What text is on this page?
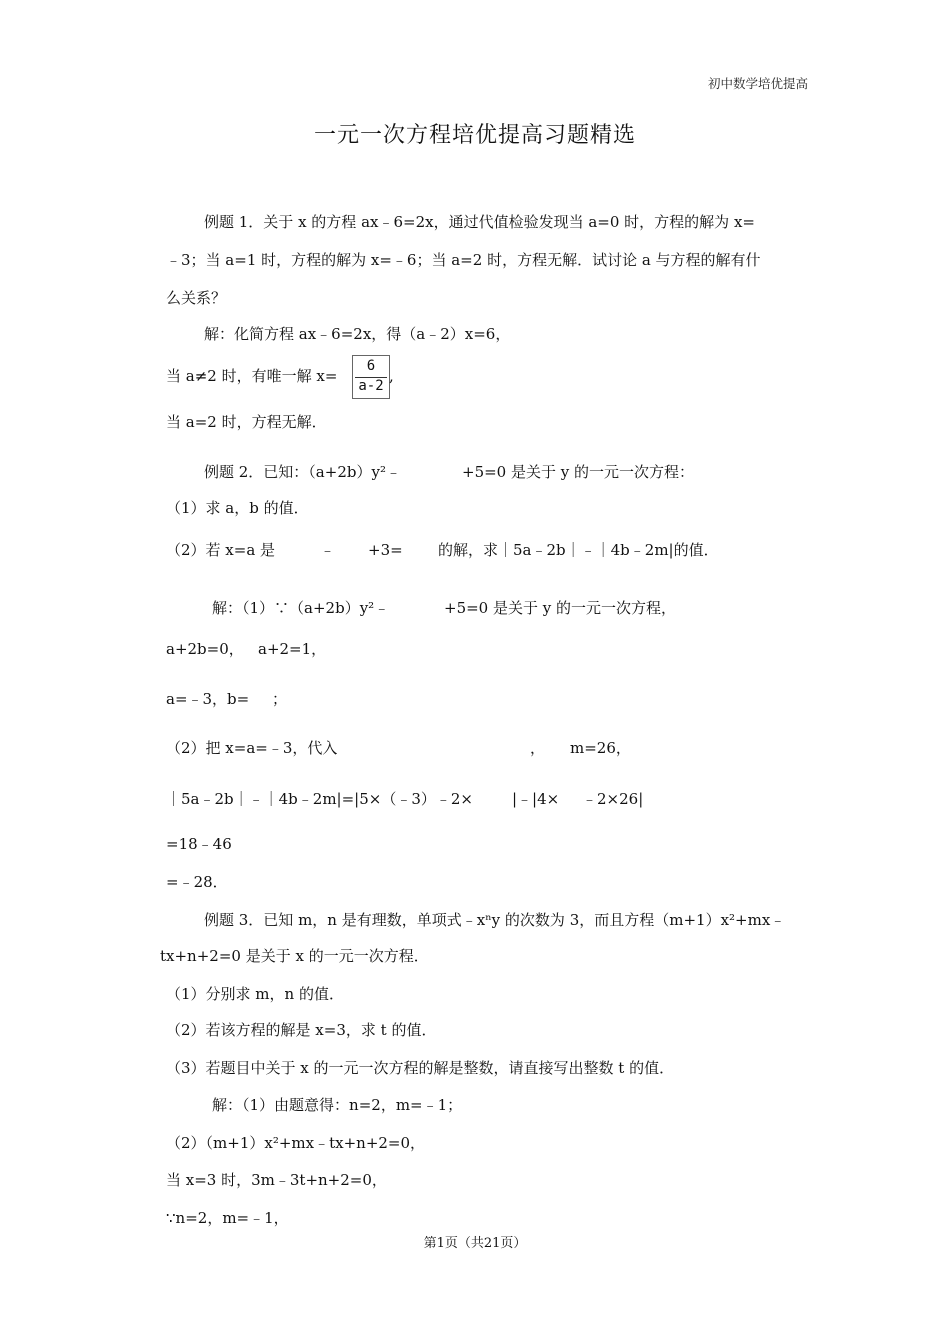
初中数学培优提高
一元一次方程培优提高习题精选
例题 1．关于 x 的方程 ax﹣6=2x，通过代值检验发现当 a=0 时，方程的解为 x=
﹣3；当 a=1 时，方程的解为 x=﹣6；当 a=2 时，方程无解．试讨论 a 与方程的解有什
么关系？
解：化简方程 ax﹣6=2x，得（a﹣2）x=6，
当 a≠2 时，有唯一解 x=
6
a-2
,
当 a=2 时，方程无解．
例题 2．已知：（a+2b）y²﹣	+5=0 是关于 y 的一元一次方程：
（1）求 a，b 的值．
（2）若 x=a 是	﹣ +3= 的解，求｜5a﹣2b｜﹣｜4b﹣2m|的值．
解：（1）∵（a+2b）y²﹣	+5=0 是关于 y 的一元一次方程，
a+2b=0， a+2=1，
a=﹣3，b= ；
（2）把 x=a=﹣3，代入	， m=26，
｜5a﹣2b｜﹣｜4b﹣2m|=|5×（﹣3）﹣2×	|﹣|4× ﹣2×26|
=18﹣46
=﹣28．
例题 3．已知 m，n 是有理数，单项式﹣xⁿy 的次数为 3，而且方程（m+1）x²+mx﹣
tx+n+2=0 是关于 x 的一元一次方程．
（1）分别求 m，n 的值．
（2）若该方程的解是 x=3，求 t 的值．
（3）若题目中关于 x 的一元一次方程的解是整数，请直接写出整数 t 的值．
解：（1）由题意得：n=2，m=﹣1；
（2）（m+1）x²+mx﹣tx+n+2=0，
当 x=3 时，3m﹣3t+n+2=0，
∵n=2，m=﹣1，
第1页（共21页）
